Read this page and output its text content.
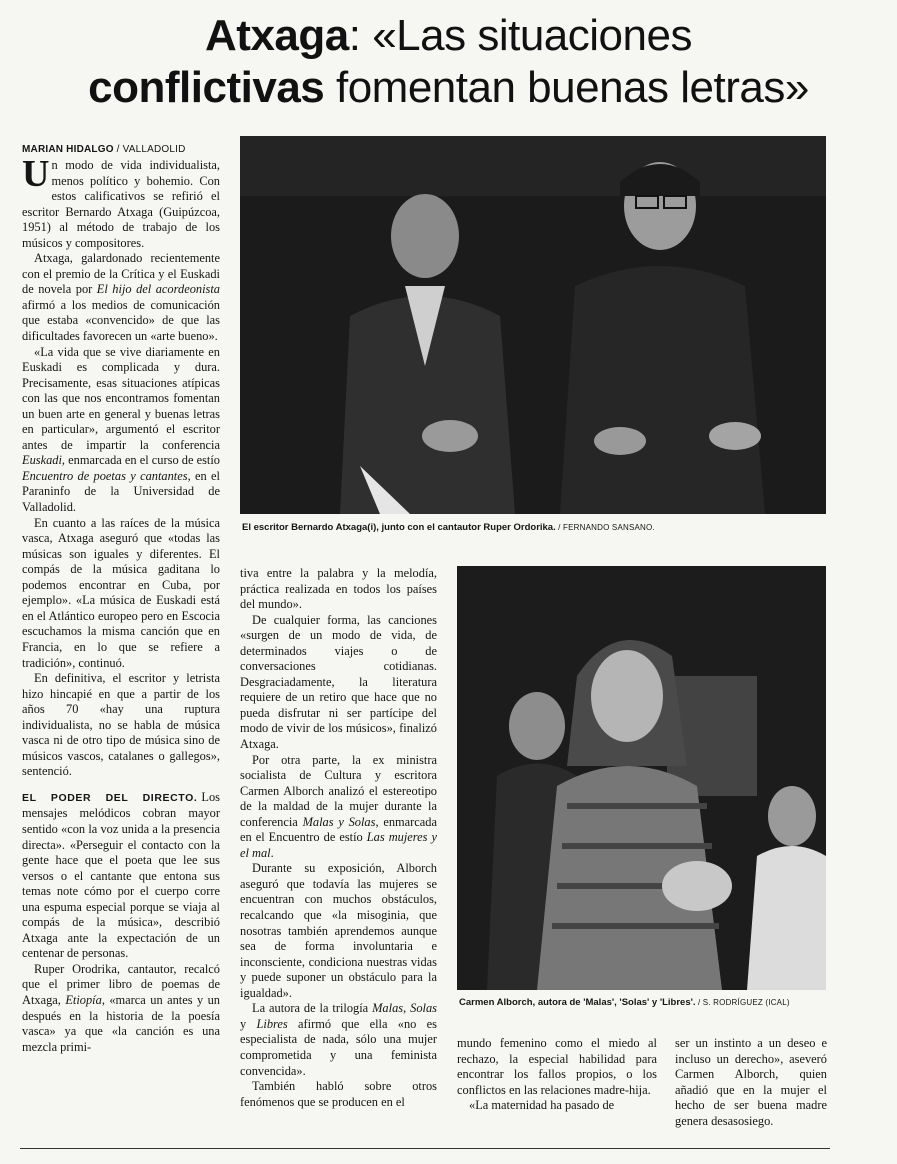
Atxaga: «Las situaciones
conflictivas fomentan buenas letras»
MARIAN HIDALGO / VALLADOLID

Un modo de vida individualista, menos político y bohemio. Con estos calificativos se refirió el escritor Bernardo Atxaga (Guipúzcoa, 1951) al método de trabajo de los músicos y compositores.

Atxaga, galardonado recientemente con el premio de la Crítica y el Euskadi de novela por El hijo del acordeonista afirmó a los medios de comunicación que estaba «convencido» de que las dificultades favorecen un «arte bueno».

«La vida que se vive diariamente en Euskadi es complicada y dura. Precisamente, esas situaciones atípicas con las que nos encontramos fomentan un buen arte en general y buenas letras en particular», argumentó el escritor antes de impartir la conferencia Euskadi, enmarcada en el curso de estío Encuentro de poetas y cantantes, en el Paraninfo de la Universidad de Valladolid.

En cuanto a las raíces de la música vasca, Atxaga aseguró que «todas las músicas son iguales y diferentes. El compás de la música gaditana lo podemos encontrar en Cuba, por ejemplo». «La música de Euskadi está en el Atlántico europeo pero en Escocia escuchamos la misma canción que en Francia, en lo que se refiere a tradición», continuó.

En definitiva, el escritor y letrista hizo hincapié en que a partir de los años 70 «hay una ruptura individualista, no se habla de música vasca ni de otro tipo de música sino de músicos vascos, catalanes o gallegos», sentenció.

EL PODER DEL DIRECTO. Los mensajes melódicos cobran mayor sentido «con la voz unida a la presencia directa». «Perseguir el contacto con la gente hace que el poeta que lee sus versos o el cantante que entona sus temas note cómo por el cuerpo corre una espuma especial porque se viaja al compás de la música», describió Atxaga ante la expectación de un centenar de personas.

Ruper Orodrika, cantautor, recalcó que el primer libro de poemas de Atxaga, Etiopía, «marca un antes y un después en la historia de la poesía vasca» ya que «la canción es una mezcla primi-

El escritor Bernardo Atxaga(i), junto con el cantautor Ruper Ordorika. / FERNANDO SANSANO.

tiva entre la palabra y la melodía, práctica realizada en todos los países del mundo».

De cualquier forma, las canciones «surgen de un modo de vida, de determinados viajes o de conversaciones cotidianas. Desgraciadamente, la literatura requiere de un retiro que hace que no pueda disfrutar ni ser partícipe del modo de vivir de los músicos», finalizó Atxaga.

Por otra parte, la ex ministra socialista de Cultura y escritora Carmen Alborch analizó el estereotipo de la maldad de la mujer durante la conferencia Malas y Solas, enmarcada en el Encuentro de estío Las mujeres y el mal.

Durante su exposición, Alborch aseguró que todavía las mujeres se encuentran con muchos obstáculos, recalcando que «la misoginia, que nosotras también aprendemos aunque sea de forma involuntaria e inconsciente, condiciona nuestras vidas y puede suponer un obstáculo para la igualdad».

La autora de la trilogía Malas, Solas y Libres afirmó que ella «no es especialista de nada, sólo una mujer comprometida y una feminista convencida».

También habló sobre otros fenómenos que se producen en el

Carmen Alborch, autora de 'Malas', 'Solas' y 'Libres'. / S. RODRÍGUEZ (ICAL)

mundo femenino como el miedo al rechazo, la especial habilidad para encontrar los fallos propios, o los conflictos en las relaciones madre-hija.

«La maternidad ha pasado de

ser un instinto a un deseo e incluso un derecho», aseveró Carmen Alborch, quien añadió que en la mujer el hecho de ser buena madre genera desasosiego.
